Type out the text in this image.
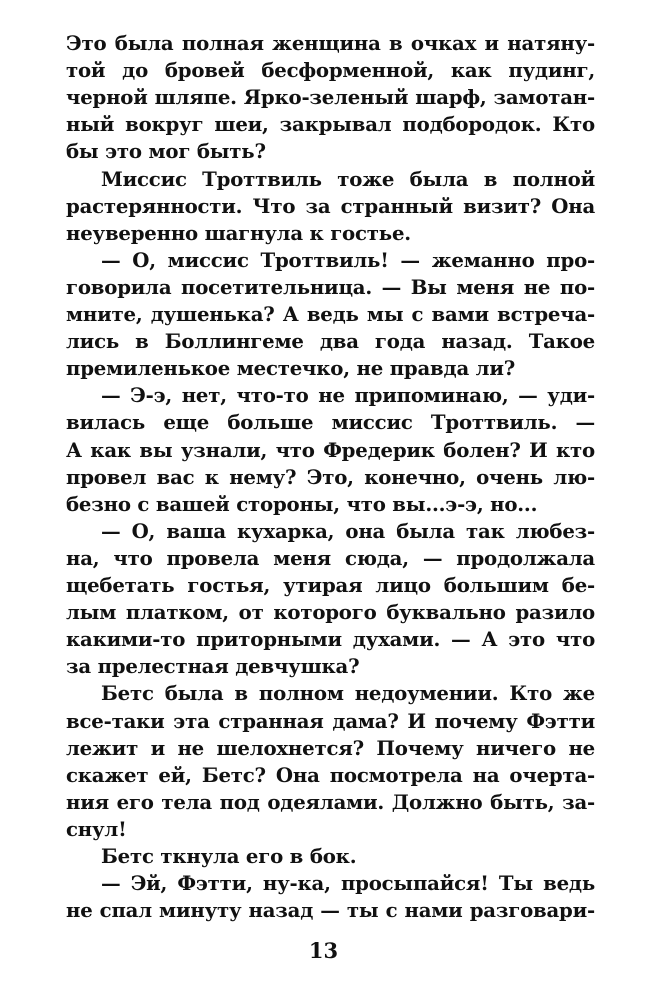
Это была полная женщина в очках и натяну-
той до бровей бесформенной, как пудинг,
черной шляпе. Ярко-зеленый шарф, замотан-
ный вокруг шеи, закрывал подбородок. Кто
бы это мог быть?
Миссис Троттвиль тоже была в полной
растерянности. Что за странный визит? Она
неуверенно шагнула к гостье.
— О, миссис Троттвиль! — жеманно про-
говорила посетительница. — Вы меня не по-
мните, душенька? А ведь мы с вами встреча-
лись в Боллингеме два года назад. Такое
премиленькое местечко, не правда ли?
— Э-э, нет, что-то не припоминаю, — уди-
вилась еще больше миссис Троттвиль. —
А как вы узнали, что Фредерик болен? И кто
провел вас к нему? Это, конечно, очень лю-
безно с вашей стороны, что вы...э-э, но...
— О, ваша кухарка, она была так любез-
на, что провела меня сюда, — продолжала
щебетать гостья, утирая лицо большим бе-
лым платком, от которого буквально разило
какими-то приторными духами. — А это что
за прелестная девчушка?
Бетс была в полном недоумении. Кто же
все-таки эта странная дама? И почему Фэтти
лежит и не шелохнется? Почему ничего не
скажет ей, Бетс? Она посмотрела на очерта-
ния его тела под одеялами. Должно быть, за-
снул!
Бетс ткнула его в бок.
— Эй, Фэтти, ну-ка, просыпайся! Ты ведь
не спал минуту назад — ты с нами разговари-
13
